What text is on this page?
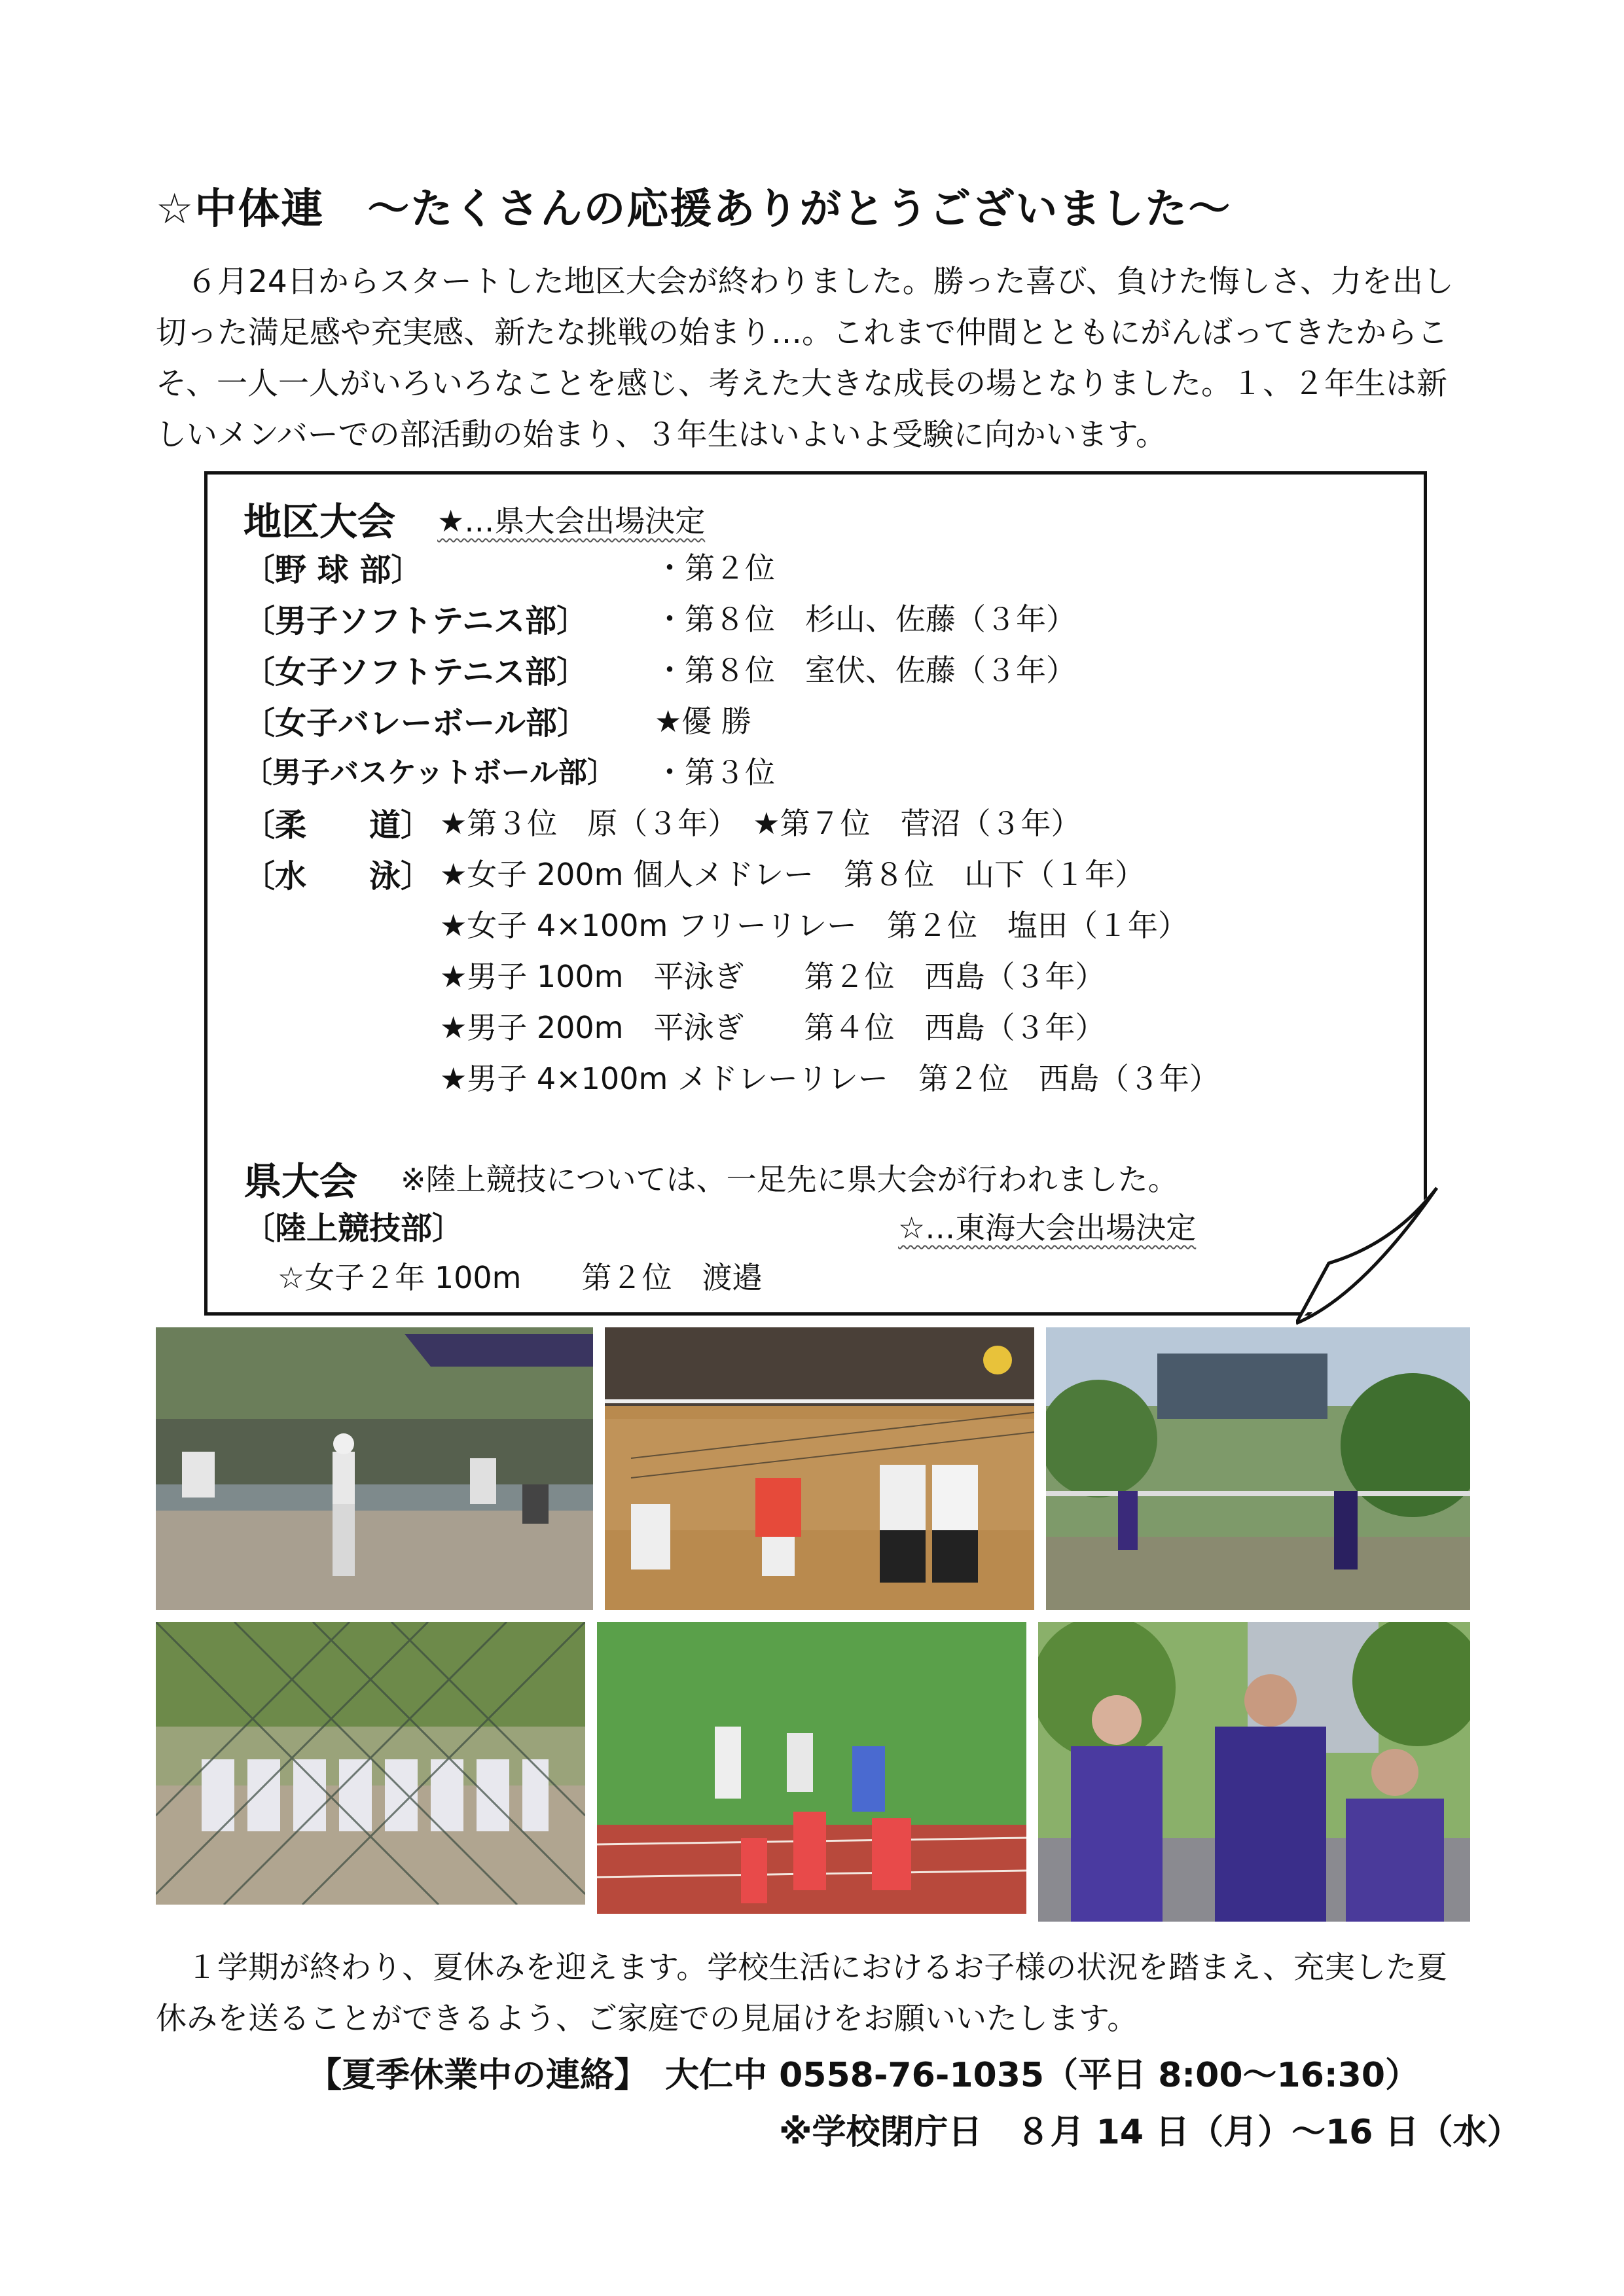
☆中体連　～たくさんの応援ありがとうございました～

６月24日からスタートした地区大会が終わりました。勝った喜び、負けた悔しさ、力を出し切った満足感や充実感、新たな挑戦の始まり…。これまで仲間とともにがんばってきたからこそ、一人一人がいろいろなことを感じ、考えた大きな成長の場となりました。１、２年生は新しいメンバーでの部活動の始まり、３年生はいよいよ受験に向かいます。

地区大会 ★…県大会出場決定
〔野 球 部〕	・第２位
〔男子ソフトテニス部〕 ・第８位　杉山、佐藤（３年）
〔女子ソフトテニス部〕 ・第８位　室伏、佐藤（３年）
〔女子バレーボール部〕 ★優 勝
〔男子バスケットボール部〕 ・第３位
〔柔　　道〕 ★第３位　原（３年）　★第７位　菅沼（３年）
〔水　　泳〕 ★女子 200m 個人メドレー　第８位　山下（１年）
★女子 4×100m フリーリレー　第２位　塩田（１年）
★男子 100m　平泳ぎ　　第２位　西島（３年）
★男子 200m　平泳ぎ　　第４位　西島（３年）
★男子 4×100m メドレーリレー　第２位　西島（３年）
県大会 ※陸上競技については、一足先に県大会が行われました。
〔陸上競技部〕	☆…東海大会出場決定
☆女子２年 100m　　第２位　渡邉

１学期が終わり、夏休みを迎えます。学校生活におけるお子様の状況を踏まえ、充実した夏休みを送ることができるよう、ご家庭での見届けをお願いいたします。

【夏季休業中の連絡】　大仁中 0558-76-1035（平日 8:00～16:30）
※学校閉庁日　８月 14 日（月）～16 日（水）
